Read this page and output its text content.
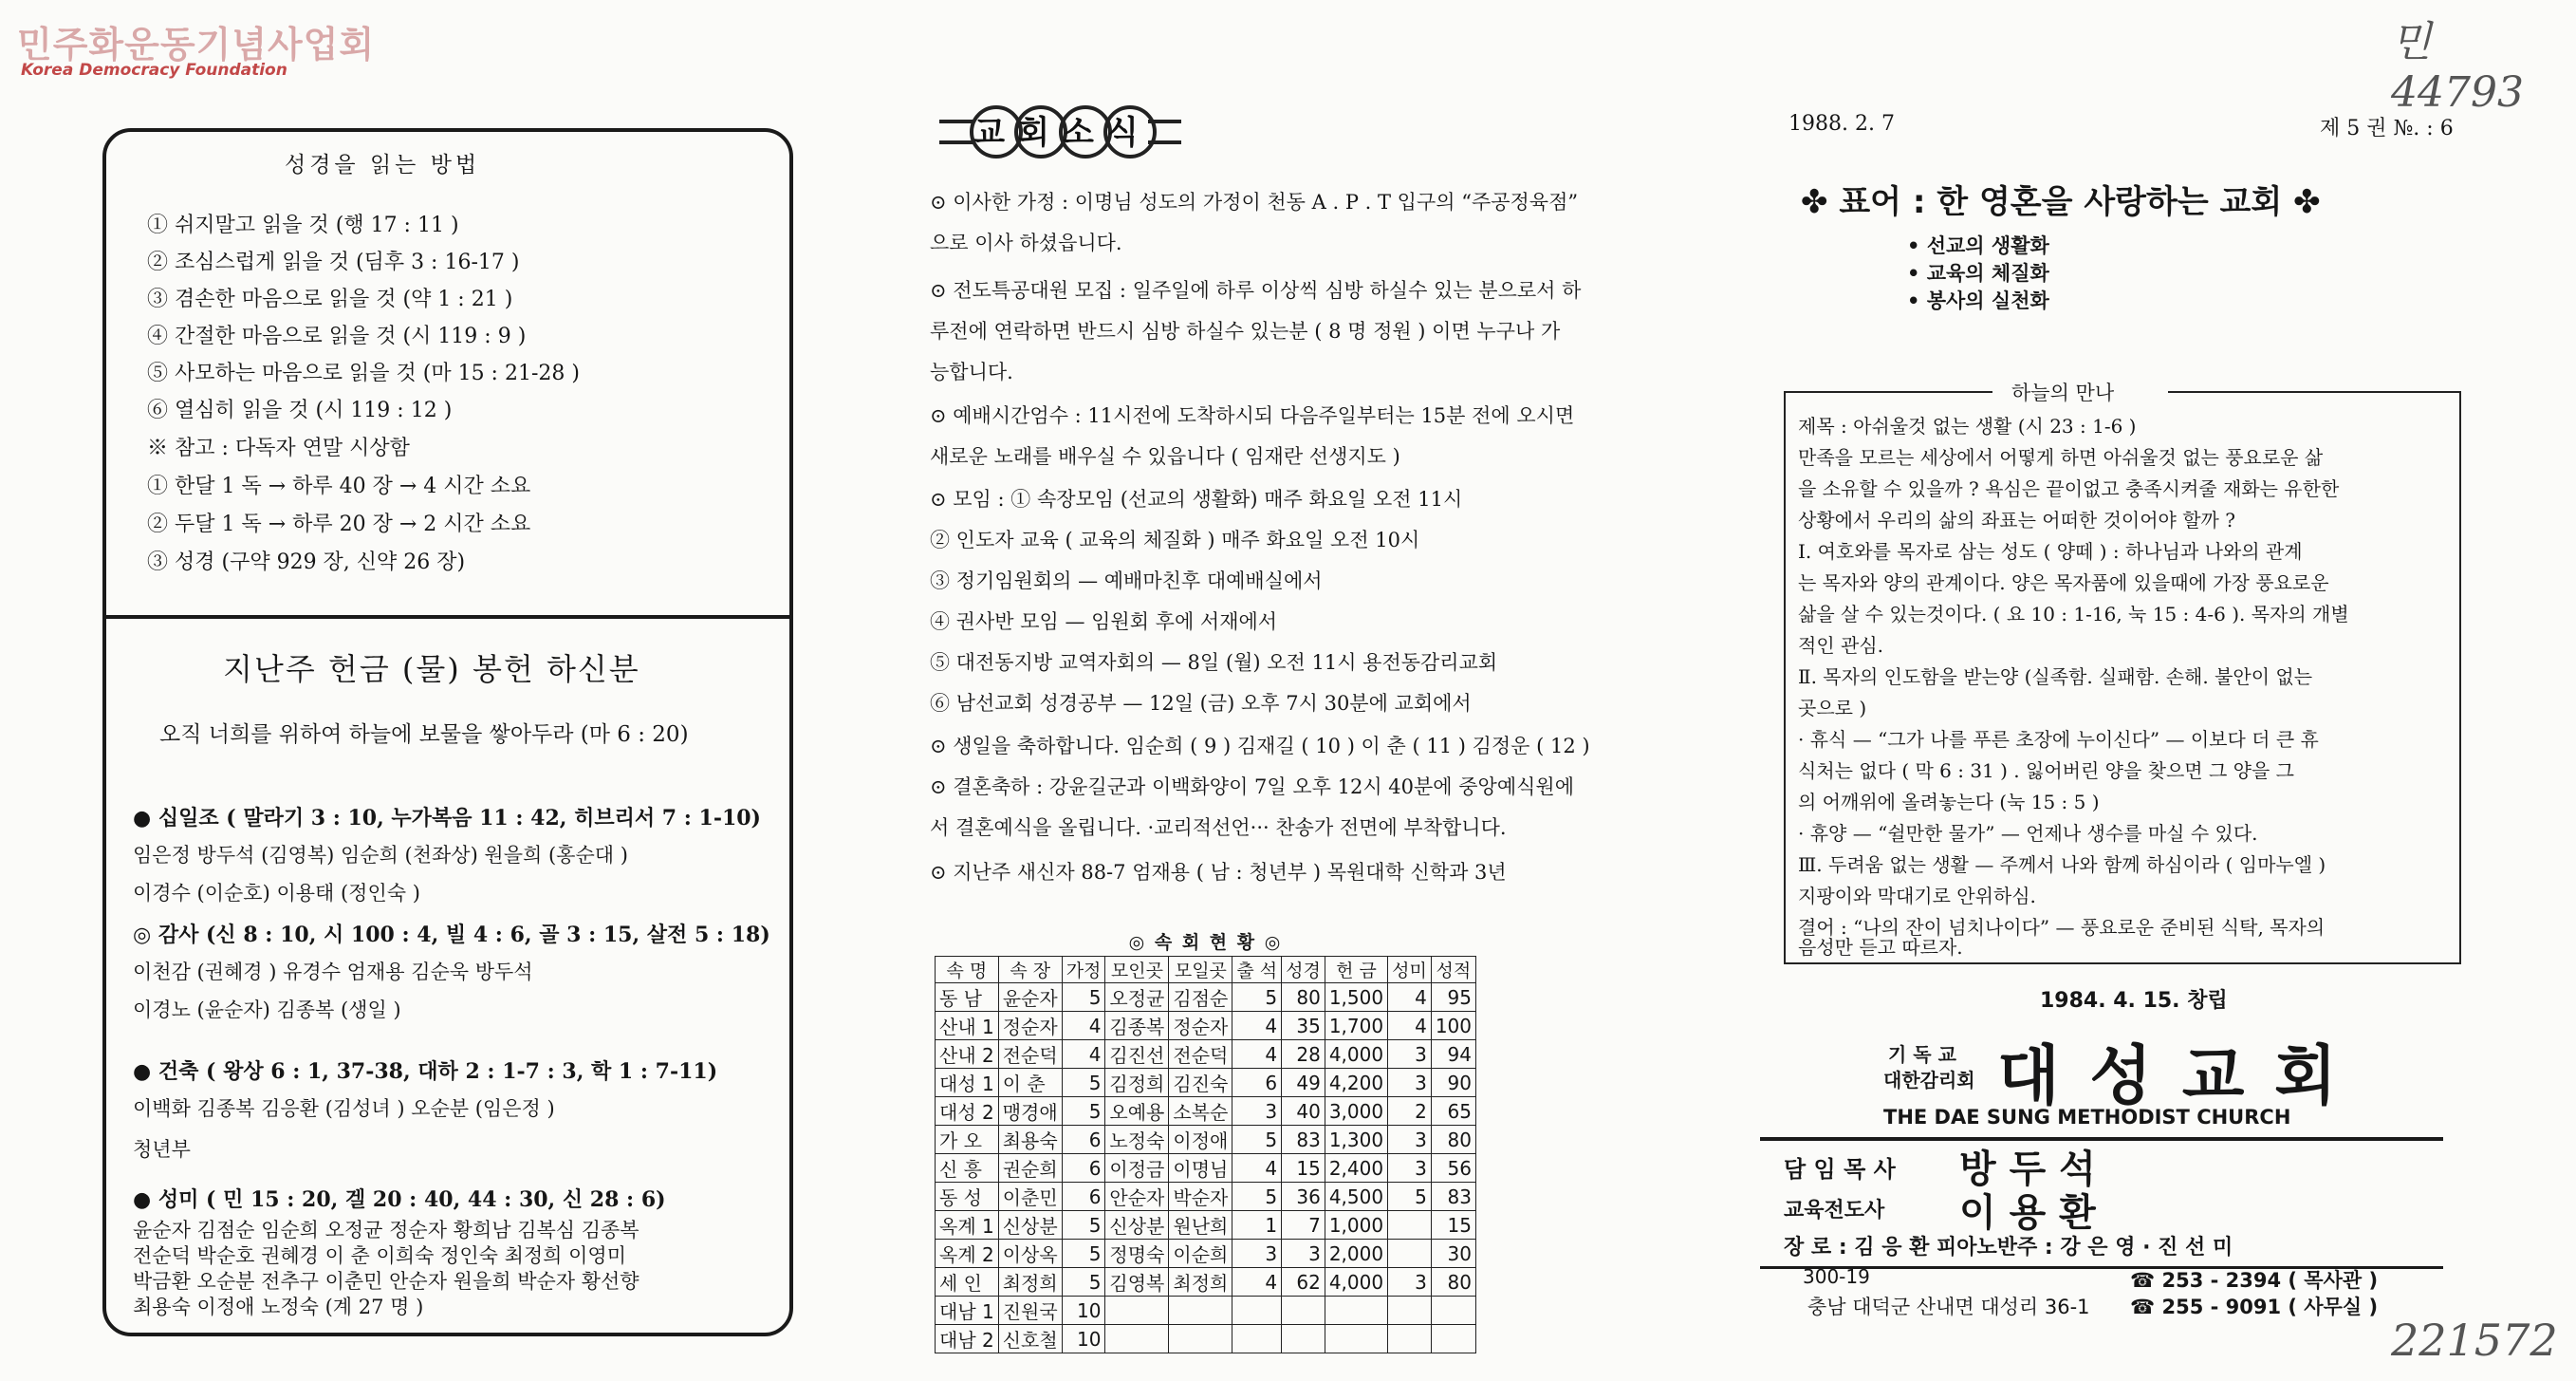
민주화운동기념사업회
Korea Democracy Foundation
민 44793
221572
성경을 읽는 방법
① 쉬지말고 읽을 것 (행 17 : 11 )
② 조심스럽게 읽을 것 (딤후 3 : 16-17 )
③ 겸손한 마음으로 읽을 것 (약 1 : 21 )
④ 간절한 마음으로 읽을 것 (시 119 : 9 )
⑤ 사모하는 마음으로 읽을 것 (마 15 : 21-28 )
⑥ 열심히 읽을 것 (시 119 : 12 )
※ 참고 : 다독자 연말 시상함
① 한달 1 독 → 하루 40 장 → 4 시간 소요
② 두달 1 독 → 하루 20 장 → 2 시간 소요
③ 성경 (구약 929 장, 신약 26 장)
지난주 헌금 (물) 봉헌 하신분
오직 너희를 위하여 하늘에 보물을 쌓아두라 (마 6 : 20)
● 십일조 ( 말라기 3 : 10, 누가복음 11 : 42, 히브리서 7 : 1-10)
임은정 방두석 (김영복) 임순희 (천좌상) 원을희 (홍순대 )
이경수 (이순호) 이용태 (정인숙 )
◎ 감사 (신 8 : 10, 시 100 : 4, 빌 4 : 6, 골 3 : 15, 살전 5 : 18)
이천감 (권혜경 ) 유경수 엄재용 김순욱 방두석
이경노 (윤순자) 김종복 (생일 )
● 건축 ( 왕상 6 : 1, 37-38, 대하 2 : 1-7 : 3, 학 1 : 7-11)
이백화 김종복 김응환 (김성녀 ) 오순분 (임은정 )
청년부
● 성미 ( 민 15 : 20, 겔 20 : 40, 44 : 30, 신 28 : 6)
윤순자 김점순 임순희 오정균 정순자 황희남 김복심 김종복
전순덕 박순호 권혜경 이 춘 이희숙 정인숙 최정희 이영미
박금환 오순분 전추구 이춘민 안순자 원을희 박순자 황선향
최용숙 이정애 노정숙 (계 27 명 )
교회소식
⊙ 이사한 가정 : 이명님 성도의 가정이 천동 A . P . T 입구의 “주공정육점”
으로 이사 하셨읍니다.
⊙ 전도특공대원 모집 : 일주일에 하루 이상씩 심방 하실수 있는 분으로서 하
루전에 연락하면 반드시 심방 하실수 있는분 ( 8 명 정원 ) 이면 누구나 가
능합니다.
⊙ 예배시간엄수 : 11시전에 도착하시되 다음주일부터는 15분 전에 오시면
새로운 노래를 배우실 수 있읍니다 ( 임재란 선생지도 )
⊙ 모임 : ① 속장모임 (선교의 생활화) 매주 화요일 오전 11시
② 인도자 교육 ( 교육의 체질화 ) 매주 화요일 오전 10시
③ 정기임원회의 — 예배마친후 대예배실에서
④ 권사반 모임 — 임원회 후에 서재에서
⑤ 대전동지방 교역자회의 — 8일 (월) 오전 11시 용전동감리교회
⑥ 남선교회 성경공부 — 12일 (금) 오후 7시 30분에 교회에서
⊙ 생일을 축하합니다. 임순희 ( 9 ) 김재길 ( 10 ) 이 춘 ( 11 ) 김정운 ( 12 )
⊙ 결혼축하 : 강윤길군과 이백화양이 7일 오후 12시 40분에 중앙예식원에
서 결혼예식을 올립니다. ·교리적선언··· 찬송가 전면에 부착합니다.
⊙ 지난주 새신자 88-7 엄재용 ( 남 : 청년부 ) 목원대학 신학과 3년
◎ 속 회 현 황 ◎									
속 명	속 장	가정	모인곳	모일곳	출 석	성경	헌 금	성미	성적
동 남	윤순자	5	오정균	김점순	5	80	1,500	4	95
산내 1	정순자	4	김종복	정순자	4	35	1,700	4	100
산내 2	전순덕	4	김진선	전순덕	4	28	4,000	3	94
대성 1	이 춘	5	김정희	김진숙	6	49	4,200	3	90
대성 2	맹경애	5	오예용	소복순	3	40	3,000	2	65
가 오	최용숙	6	노정숙	이정애	5	83	1,300	3	80
신 흥	권순희	6	이정금	이명님	4	15	2,400	3	56
동 성	이춘민	6	안순자	박순자	5	36	4,500	5	83
옥계 1	신상분	5	신상분	원난희	1	7	1,000		15
옥계 2	이상옥	5	정명숙	이순희	3	3	2,000		30
세 인	최정희	5	김영복	최정희	4	62	4,000	3	80
대남 1	진원국	10							
대남 2	신호철	10							
1988. 2. 7	제 5 권 №. : 6
✤ 표어 : 한 영혼을 사랑하는 교회 ✤
• 선교의 생활화
• 교육의 체질화
• 봉사의 실천화
하늘의 만나
제목 : 아쉬울것 없는 생활 (시 23 : 1-6 )
만족을 모르는 세상에서 어떻게 하면 아쉬울것 없는 풍요로운 삶
을 소유할 수 있을까 ? 욕심은 끝이없고 충족시켜줄 재화는 유한한
상황에서 우리의 삶의 좌표는 어떠한 것이어야 할까 ?
Ⅰ. 여호와를 목자로 삼는 성도 ( 양떼 ) : 하나님과 나와의 관계
는 목자와 양의 관계이다. 양은 목자품에 있을때에 가장 풍요로운
삶을 살 수 있는것이다. ( 요 10 : 1-16, 눅 15 : 4-6 ). 목자의 개별
적인 관심.
Ⅱ. 목자의 인도함을 받는양 (실족함. 실패함. 손해. 불안이 없는
곳으로 )
· 휴식 — “그가 나를 푸른 초장에 누이신다” — 이보다 더 큰 휴
식처는 없다 ( 막 6 : 31 ) . 잃어버린 양을 찾으면 그 양을 그
의 어깨위에 올려놓는다 (눅 15 : 5 )
· 휴양 — “쉴만한 물가” — 언제나 생수를 마실 수 있다.
Ⅲ. 두려움 없는 생활 — 주께서 나와 함께 하심이라 ( 임마누엘 )
지팡이와 막대기로 안위하심.
결어 : “나의 잔이 넘치나이다” — 풍요로운 준비된 식탁, 목자의
음성만 듣고 따르자.
1984. 4. 15. 창립
기 독 교
대한감리회 대 성 교 회
THE DAE SUNG METHODIST CHURCH
담 임 목 사 방 두 석
교육전도사 이 용 환
장 로 : 김 응 환 피아노반주 : 강 은 영 · 진 선 미
300-19
충남 대덕군 산내면 대성리 36-1
☎ 253 - 2394 ( 목사관 )
☎ 255 - 9091 ( 사무실 )
